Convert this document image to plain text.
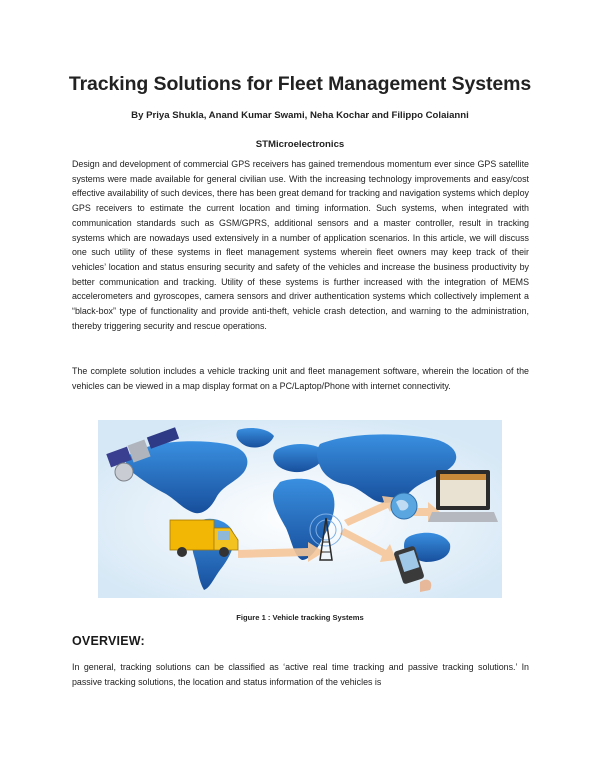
Tracking Solutions for Fleet Management Systems
By Priya Shukla, Anand Kumar Swami, Neha Kochar and Filippo Colaianni
STMicroelectronics

Design and development of commercial GPS receivers has gained tremendous momentum ever since GPS satellite systems were made available for general civilian use. With the increasing technology improvements and easy/cost effective availability of such devices, there has been great demand for tracking and navigation systems which deploy GPS receivers to estimate the current location and timing information. Such systems, when integrated with communication standards such as GSM/GPRS, additional sensors and a master controller, result in tracking systems which are nowadays used extensively in a number of application scenarios. In this article, we will discuss one such utility of these systems in fleet management systems wherein fleet owners may keep track of their vehicles’ location and status ensuring security and safety of the vehicles and increase the business productivity by better communication and tracking. Utility of these systems is further increased with the integration of MEMS accelerometers and gyroscopes, camera sensors and driver authentication systems which collectively implement a “black-box” type of functionality and provide anti-theft, vehicle crash detection, and warning to the administration, thereby triggering security and rescue operations.

The complete solution includes a vehicle tracking unit and fleet management software, wherein the location of the vehicles can be viewed in a map display format on a PC/Laptop/Phone with internet connectivity.

Figure 1 : Vehicle tracking Systems
OVERVIEW:

In general, tracking solutions can be classified as ‘active real time tracking and passive tracking solutions.’ In passive tracking solutions, the location and status information of the vehicles is
